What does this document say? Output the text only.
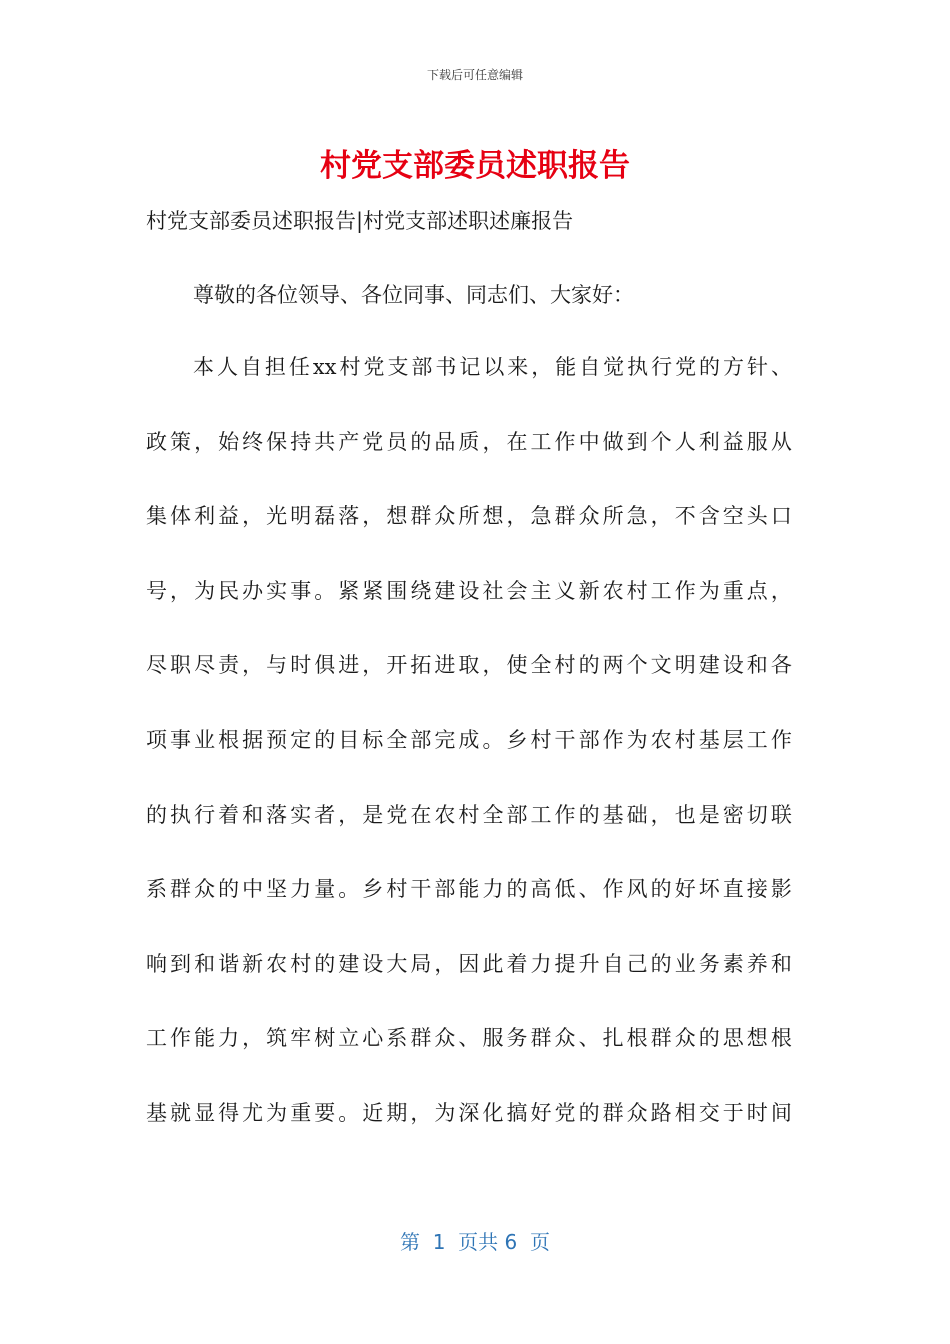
下载后可任意编辑
村党支部委员述职报告
村党支部委员述职报告|村党支部述职述廉报告
尊敬的各位领导、各位同事、同志们、大家好：
本 人 自 担 任 xx 村 党 支 部 书 记 以 来 ， 能 自 觉 执 行 党 的 方 针 、
政 策 ， 始 终 保 持 共 产 党 员 的 品 质 ， 在 工 作 中 做 到 个 人 利 益 服 从
集 体 利 益 ， 光 明 磊 落 ， 想 群 众 所 想 ， 急 群 众 所 急 ， 不 含 空 头 口
号 ， 为 民 办 实 事 。 紧 紧 围 绕 建 设 社 会 主 义 新 农 村 工 作 为 重 点 ，
尽 职 尽 责 ， 与 时 俱 进 ， 开 拓 进 取 ， 使 全 村 的 两 个 文 明 建 设 和 各
项 事 业 根 据 预 定 的 目 标 全 部 完 成 。 乡 村 干 部 作 为 农 村 基 层 工 作
的 执 行 着 和 落 实 者 ， 是 党 在 农 村 全 部 工 作 的 基 础 ， 也 是 密 切 联
系 群 众 的 中 坚 力 量 。 乡 村 干 部 能 力 的 高 低 、 作 风 的 好 坏 直 接 影
响 到 和 谐 新 农 村 的 建 设 大 局 ， 因 此 着 力 提 升 自 己 的 业 务 素 养 和
工 作 能 力 ， 筑 牢 树 立 心 系 群 众 、 服 务 群 众 、 扎 根 群 众 的 思 想 根
基 就 显 得 尤 为 重 要 。 近 期 ， 为 深 化 搞 好 党 的 群 众 路 相 交 于 时 间
第  1  页共 6  页
